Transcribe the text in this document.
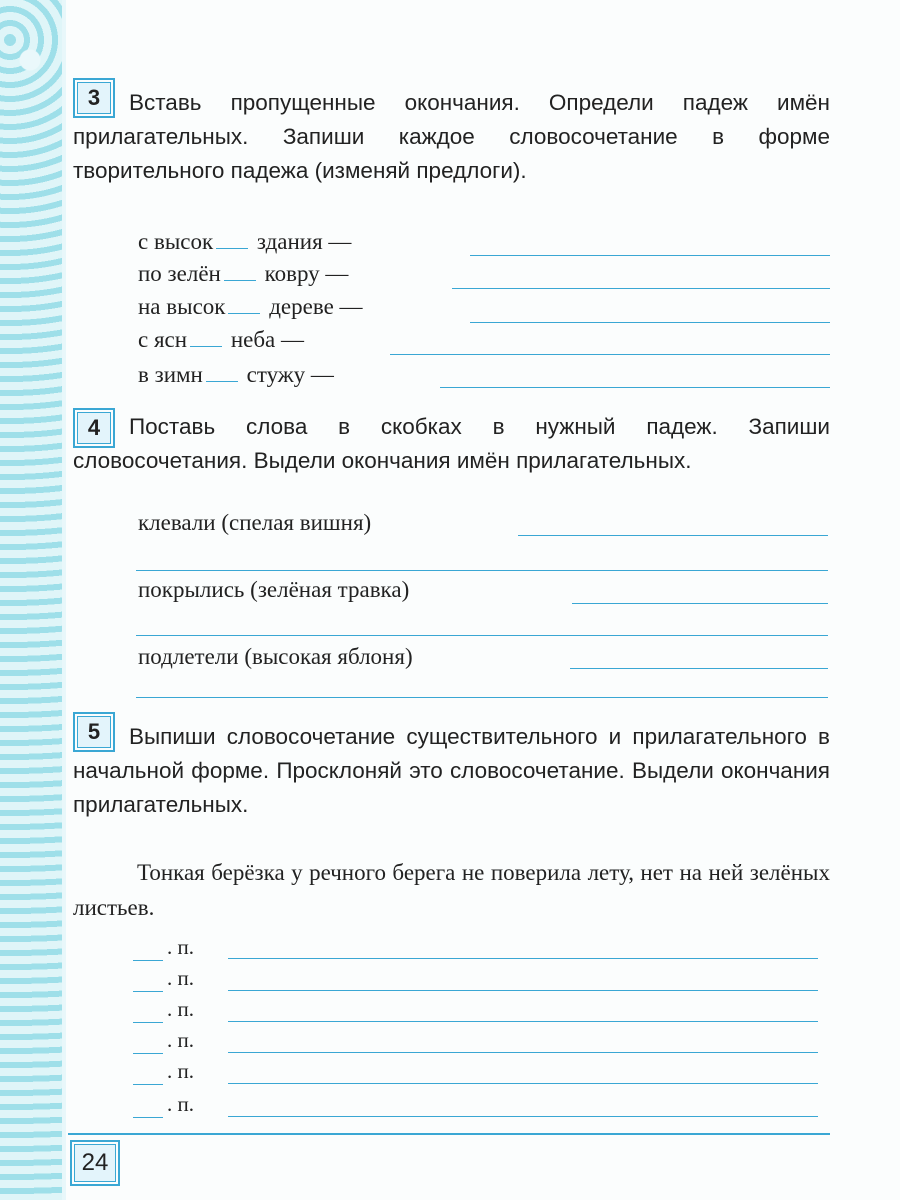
3	Вставь пропущенные окончания. Определи падеж имён прилагательных. Запиши каждое словосочетание в форме творительного падежа (изменяй предлоги).
с высок здания —
по зелён ковру —
на высок дереве —
с ясн неба —
в зимн стужу —
4	Поставь слова в скобках в нужный падеж. Запиши словосочетания. Выдели окончания имён прилагательных.
клевали (спелая вишня)
покрылись (зелёная травка)
подлетели (высокая яблоня)
5	Выпиши словосочетание существительного и прилагательного в начальной форме. Просклоняй это словосочетание. Выдели окончания прилагательных.
Тонкая берёзка у речного берега не поверила лету, нет на ней зелёных листьев.
. п.
. п.
. п.
. п.
. п.
. п.
24
